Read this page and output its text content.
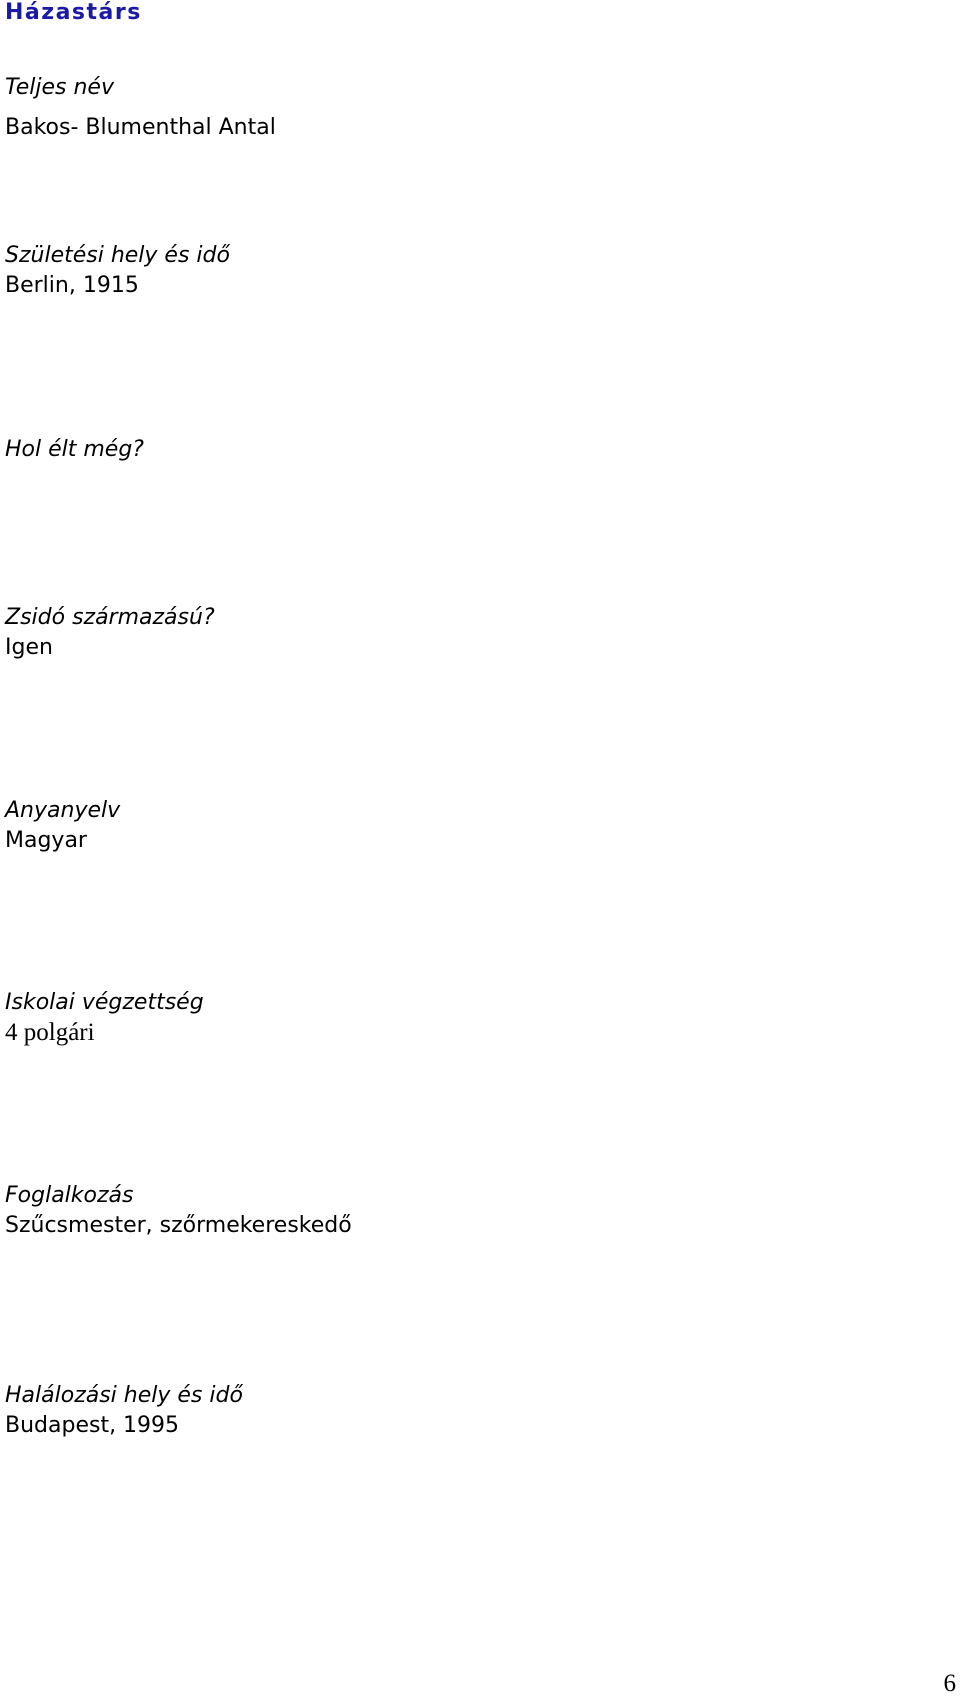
Házastárs
Teljes név
Bakos- Blumenthal Antal
Születési hely és idő
Berlin, 1915
Hol élt még?
Zsidó származású?
Igen
Anyanyelv
Magyar
Iskolai végzettség
4 polgári
Foglalkozás
Szűcsmester, szőrmekereskedő
Halálozási hely és idő
Budapest, 1995
6
